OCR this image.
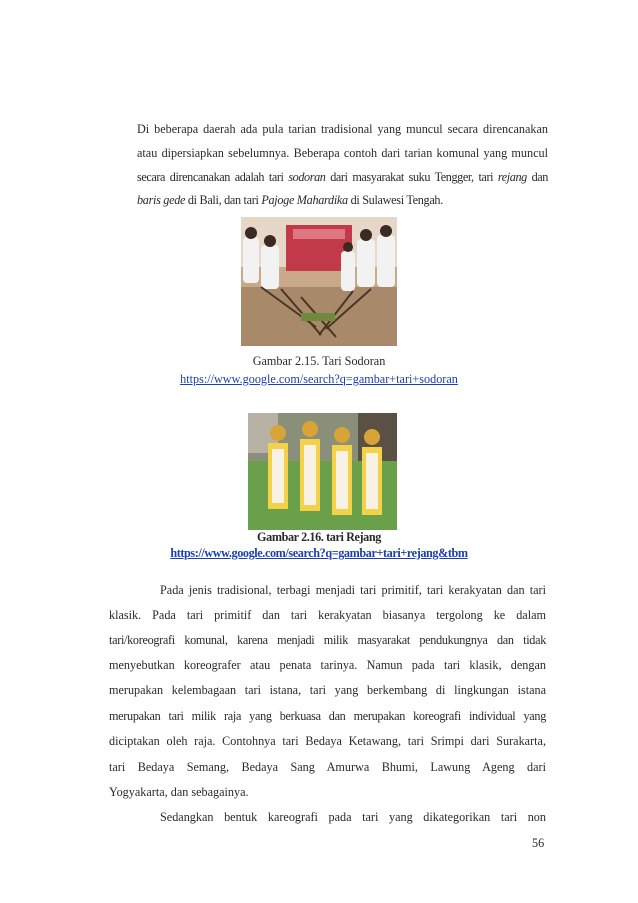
Di beberapa daerah ada pula tarian tradisional yang muncul secara direncanakan
atau dipersiapkan sebelumnya. Beberapa contoh dari tarian komunal yang muncul
secara direncanakan adalah tari sodoran dari masyarakat suku Tengger, tari rejang dan
baris gede di Bali, dan tari Pajoge Mahardika di Sulawesi Tengah.
Gambar 2.15. Tari Sodoran
https://www.google.com/search?q=gambar+tari+sodoran
Gambar 2.16. tari Rejang
https://www.google.com/search?q=gambar+tari+rejang&tbm
Pada jenis tradisional, terbagi menjadi tari primitif, tari kerakyatan dan tari
klasik. Pada tari primitif dan tari kerakyatan biasanya tergolong ke dalam
tari/koreografi komunal, karena menjadi milik masyarakat pendukungnya dan tidak
menyebutkan koreografer atau penata tarinya. Namun pada tari klasik, dengan
merupakan kelembagaan tari istana, tari yang berkembang di lingkungan istana
merupakan tari milik raja yang berkuasa dan merupakan koreografi individual yang
diciptakan oleh raja. Contohnya tari Bedaya Ketawang, tari Srimpi dari Surakarta,
tari Bedaya Semang, Bedaya Sang Amurwa Bhumi, Lawung Ageng dari
Yogyakarta, dan sebagainya.
Sedangkan bentuk kareografi pada tari yang dikategorikan tari non
56
